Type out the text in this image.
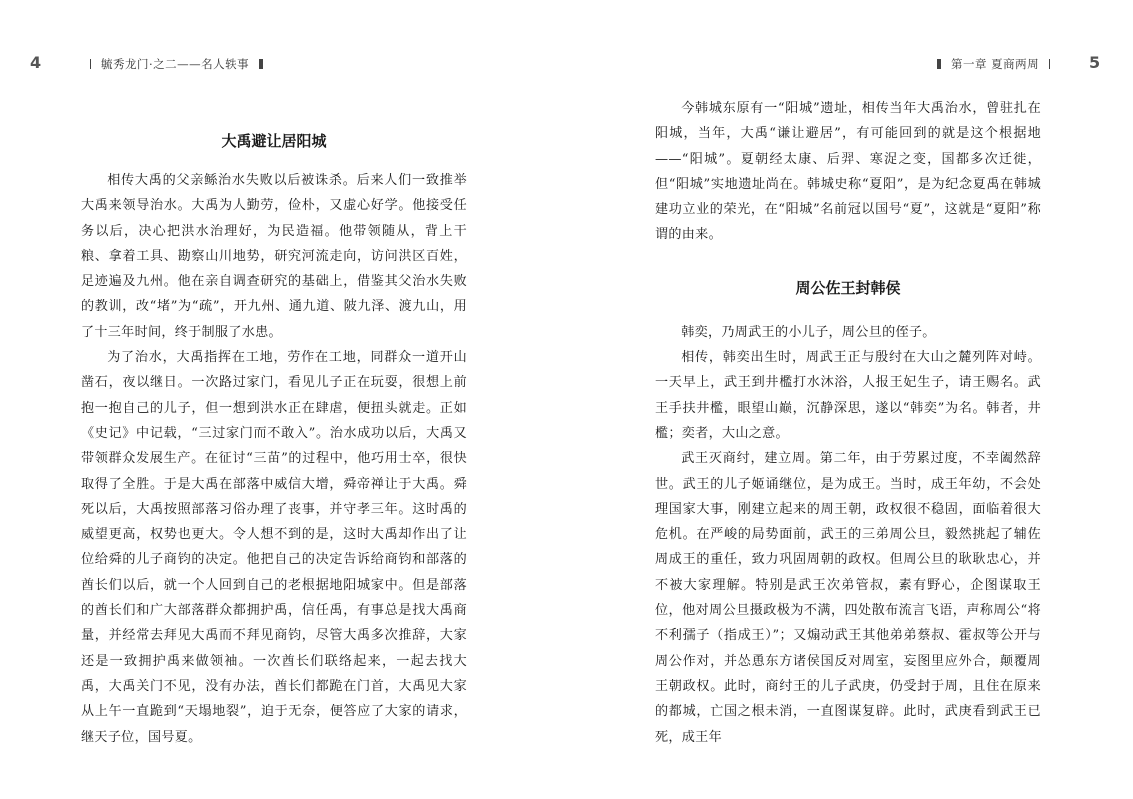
4	毓秀龙门·之二——名人轶事
大禹避让居阳城

相传大禹的父亲鲧治水失败以后被诛杀。后来人们一致推举大禹来领导治水。大禹为人勤劳，俭朴，又虚心好学。他接受任务以后，决心把洪水治理好，为民造福。他带领随从，背上干粮、拿着工具、勘察山川地势，研究河流走向，访问洪区百姓，足迹遍及九州。他在亲自调查研究的基础上，借鉴其父治水失败的教训，改“堵”为“疏”，开九州、通九道、陂九泽、渡九山，用了十三年时间，终于制服了水患。

为了治水，大禹指挥在工地，劳作在工地，同群众一道开山凿石，夜以继日。一次路过家门，看见儿子正在玩耍，很想上前抱一抱自己的儿子，但一想到洪水正在肆虐，便扭头就走。正如《史记》中记载，“三过家门而不敢入”。治水成功以后，大禹又带领群众发展生产。在征讨“三苗”的过程中，他巧用士卒，很快取得了全胜。于是大禹在部落中威信大增，舜帝禅让于大禹。舜死以后，大禹按照部落习俗办理了丧事，并守孝三年。这时禹的威望更高，权势也更大。令人想不到的是，这时大禹却作出了让位给舜的儿子商钧的决定。他把自己的决定告诉给商钧和部落的酋长们以后，就一个人回到自己的老根据地阳城家中。但是部落的酋长们和广大部落群众都拥护禹，信任禹，有事总是找大禹商量，并经常去拜见大禹而不拜见商钧，尽管大禹多次推辞，大家还是一致拥护禹来做领袖。一次酋长们联络起来，一起去找大禹，大禹关门不见，没有办法，酋长们都跪在门首，大禹见大家从上午一直跪到“天塌地裂”，迫于无奈，便答应了大家的请求，继天子位，国号夏。

第一章 夏商两周	5

今韩城东原有一“阳城”遗址，相传当年大禹治水，曾驻扎在阳城，当年，大禹“谦让避居”，有可能回到的就是这个根据地——“阳城”。夏朝经太康、后羿、寒浞之变，国都多次迁徙，但“阳城”实地遗址尚在。韩城史称“夏阳”，是为纪念夏禹在韩城建功立业的荣光，在“阳城”名前冠以国号“夏”，这就是“夏阳”称谓的由来。

周公佐王封韩侯

韩奕，乃周武王的小儿子，周公旦的侄子。

相传，韩奕出生时，周武王正与殷纣在大山之麓列阵对峙。一天早上，武王到井檻打水沐浴，人报王妃生子，请王赐名。武王手扶井檻，眼望山巅，沉静深思，遂以“韩奕”为名。韩者，井檻；奕者，大山之意。

武王灭商纣，建立周。第二年，由于劳累过度，不幸阖然辞世。武王的儿子姬诵继位，是为成王。当时，成王年幼，不会处理国家大事，刚建立起来的周王朝，政权很不稳固，面临着很大危机。在严峻的局势面前，武王的三弟周公旦，毅然挑起了辅佐周成王的重任，致力巩固周朝的政权。但周公旦的耿耿忠心，并不被大家理解。特别是武王次弟管叔，素有野心，企图谋取王位，他对周公旦摄政极为不满，四处散布流言飞语，声称周公“将不利孺子（指成王）”；又煽动武王其他弟弟蔡叔、霍叔等公开与周公作对，并怂恿东方诸侯国反对周室，妄图里应外合，颠覆周王朝政权。此时，商纣王的儿子武庚，仍受封于周，且住在原来的都城，亡国之根未消，一直图谋复辟。此时，武庚看到武王已死，成王年
